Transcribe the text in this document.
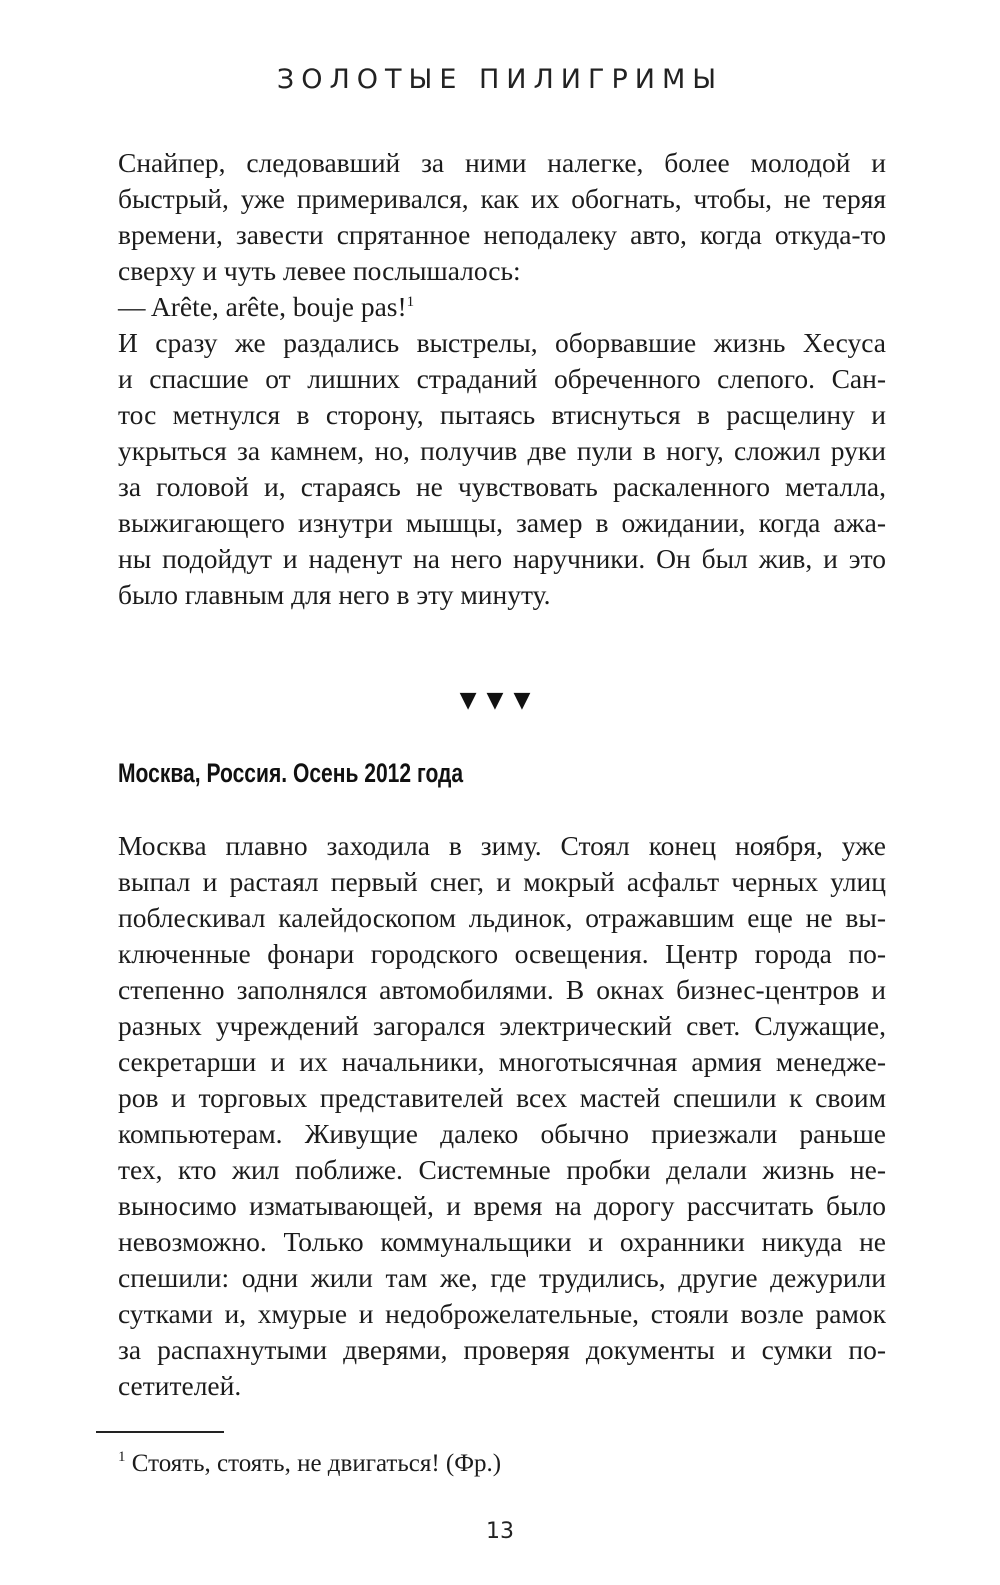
ЗОЛОТЫЕ ПИЛИГРИМЫ
Снайпер, следовавший за ними налегке, более молодой и
быстрый, уже примеривался, как их обогнать, чтобы, не теряя
времени, завести спрятанное неподалеку авто, когда откуда-то
сверху и чуть левее послышалось:
— Arête, arête, bouje pas!$^1$
И сразу же раздались выстрелы, оборвавшие жизнь Хесуса
и спасшие от лишних страданий обреченного слепого. Сан-
тос метнулся в сторону, пытаясь втиснуться в расщелину и
укрыться за камнем, но, получив две пули в ногу, сложил руки
за головой и, стараясь не чувствовать раскаленного металла,
выжигающего изнутри мышцы, замер в ожидании, когда ажа-
ны подойдут и наденут на него наручники. Он был жив, и это
было главным для него в эту минуту.
▼▼▼
Москва, Россия. Осень 2012 года
Москва плавно заходила в зиму. Стоял конец ноября, уже
выпал и растаял первый снег, и мокрый асфальт черных улиц
поблескивал калейдоскопом льдинок, отражавшим еще не вы-
ключенные фонари городского освещения. Центр города по-
степенно заполнялся автомобилями. В окнах бизнес-центров и
разных учреждений загорался электрический свет. Служащие,
секретарши и их начальники, многотысячная армия менедже-
ров и торговых представителей всех мастей спешили к своим
компьютерам. Живущие далеко обычно приезжали раньше
тех, кто жил поближе. Системные пробки делали жизнь не-
выносимо изматывающей, и время на дорогу рассчитать было
невозможно. Только коммунальщики и охранники никуда не
спешили: одни жили там же, где трудились, другие дежурили
сутками и, хмурые и недоброжелательные, стояли возле рамок
за распахнутыми дверями, проверяя документы и сумки по-
сетителей.
$^1$ Стоять, стоять, не двигаться! (Фр.)
13
